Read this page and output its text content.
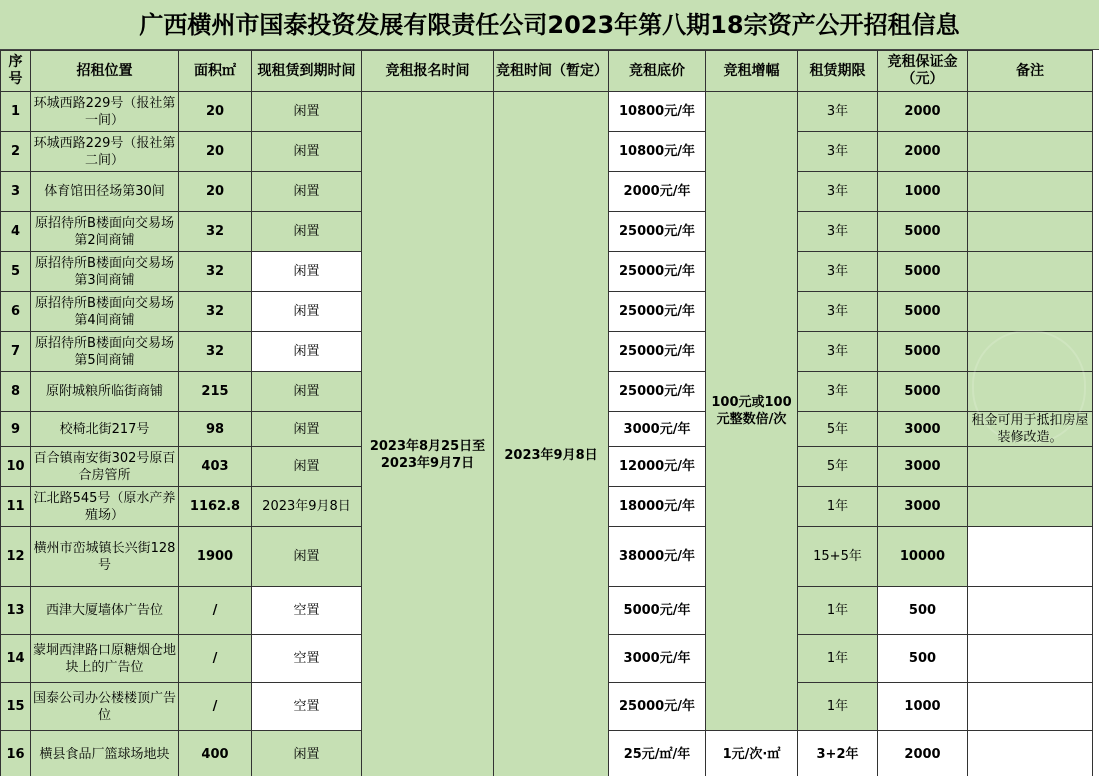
广西横州市国泰投资发展有限责任公司2023年第八期18宗资产公开招租信息
序号	招租位置	面积㎡	现租赁到期时间	竞租报名时间	竞租时间（暂定）	竞租底价	竞租增幅	租赁期限	竞租保证金（元）	备注
1	环城西路229号（报社第一间）	20	闲置	2023年8月25日至2023年9月7日	2023年9月8日	10800元/年	100元或100元整数倍/次	3年	2000	
2	环城西路229号（报社第二间）	20	闲置			10800元/年		3年	2000	
3	体育馆田径场第30间	20	闲置			2000元/年		3年	1000	
4	原招待所B楼面向交易场第2间商铺	32	闲置			25000元/年		3年	5000	
5	原招待所B楼面向交易场第3间商铺	32	闲置			25000元/年		3年	5000	
6	原招待所B楼面向交易场第4间商铺	32	闲置			25000元/年		3年	5000	
7	原招待所B楼面向交易场第5间商铺	32	闲置			25000元/年		3年	5000	
8	原附城粮所临街商铺	215	闲置			25000元/年		3年	5000	
9	校椅北街217号	98	闲置			3000元/年		5年	3000	租金可用于抵扣房屋装修改造。
10	百合镇南安街302号原百合房管所	403	闲置			12000元/年		5年	3000	
11	江北路545号（原水产养殖场）	1162.8	2023年9月8日			18000元/年		1年	3000	
12	横州市峦城镇长兴街128号	1900	闲置			38000元/年		15+5年	10000	
13	西津大厦墙体广告位	/	空置			5000元/年		1年	500	
14	蒙垌西津路口原糖烟仓地块上的广告位	/	空置			3000元/年		1年	500	
15	国泰公司办公楼楼顶广告位	/	空置			25000元/年		1年	1000	
16	横县食品厂篮球场地块	400	闲置			25元/㎡/年	1元/次·㎡	3+2年	2000	
